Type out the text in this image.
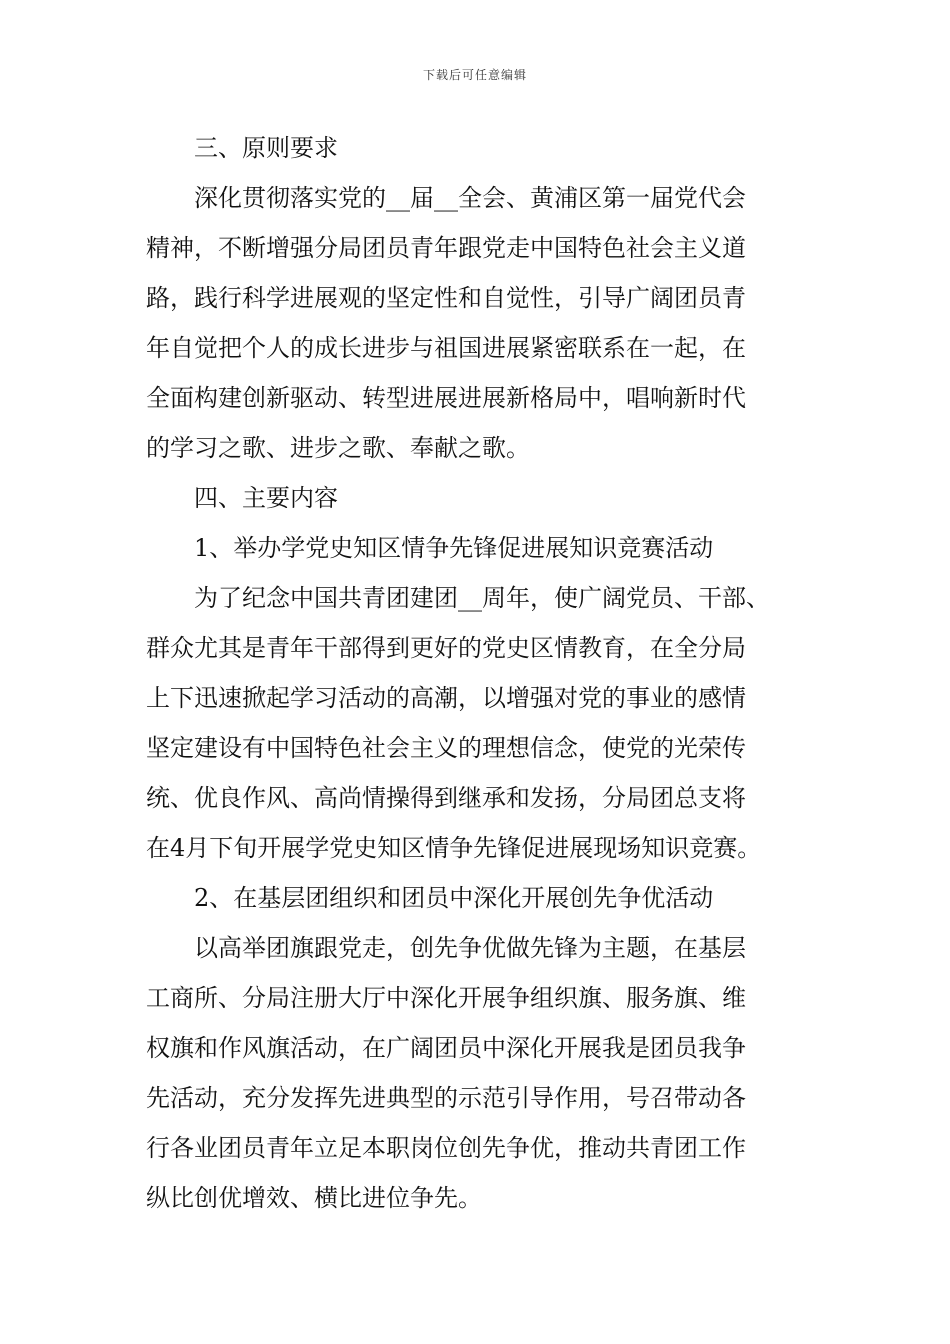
下载后可任意编辑
三、原则要求
深化贯彻落实党的__届__全会、黄浦区第一届党代会
精神，不断增强分局团员青年跟党走中国特色社会主义道
路，践行科学进展观的坚定性和自觉性，引导广阔团员青
年自觉把个人的成长进步与祖国进展紧密联系在一起，在
全面构建创新驱动、转型进展进展新格局中，唱响新时代
的学习之歌、进步之歌、奉献之歌。
四、主要内容
1、举办学党史知区情争先锋促进展知识竞赛活动
为了纪念中国共青团建团__周年，使广阔党员、干部、
群众尤其是青年干部得到更好的党史区情教育，在全分局
上下迅速掀起学习活动的高潮，以增强对党的事业的感情
坚定建设有中国特色社会主义的理想信念，使党的光荣传
统、优良作风、高尚情操得到继承和发扬，分局团总支将
在4月下旬开展学党史知区情争先锋促进展现场知识竞赛。
2、在基层团组织和团员中深化开展创先争优活动
以高举团旗跟党走，创先争优做先锋为主题，在基层
工商所、分局注册大厅中深化开展争组织旗、服务旗、维
权旗和作风旗活动，在广阔团员中深化开展我是团员我争
先活动，充分发挥先进典型的示范引导作用，号召带动各
行各业团员青年立足本职岗位创先争优，推动共青团工作
纵比创优增效、横比进位争先。
